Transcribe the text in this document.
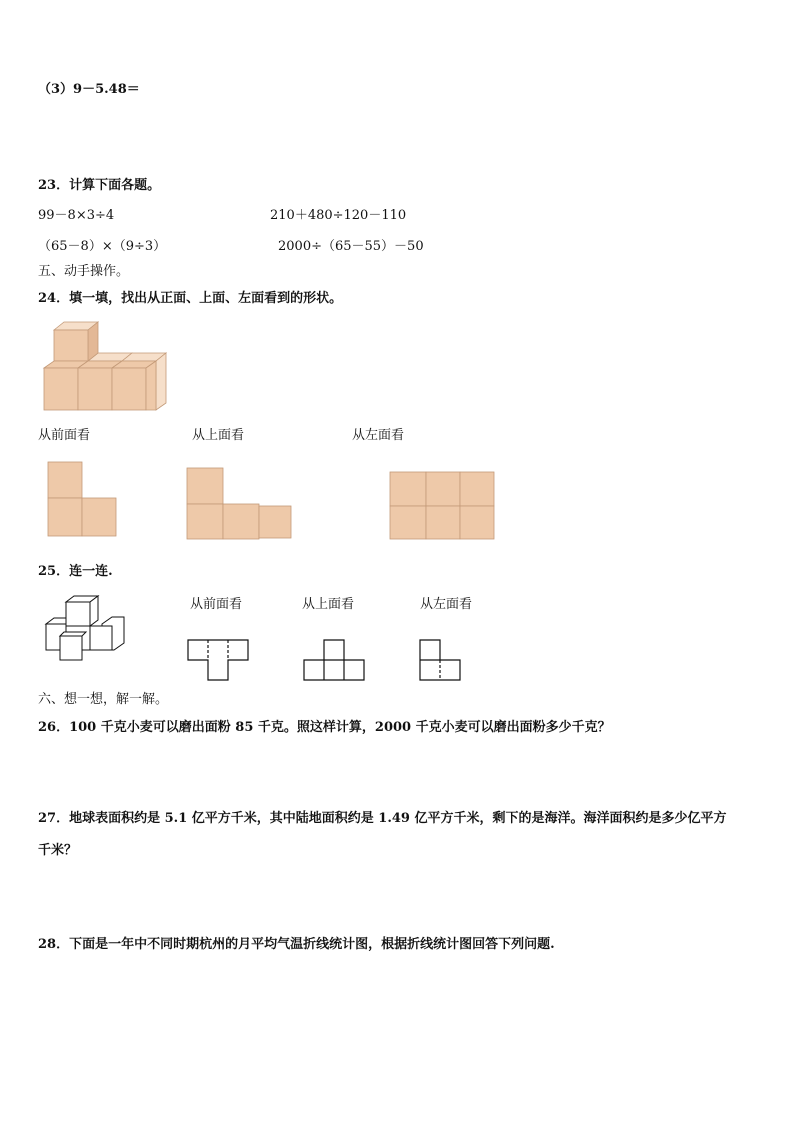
（3）9－5.48＝
23．计算下面各题。
99－8×3÷4	210＋480÷120－110
（65－8）×（9÷3）	2000÷（65－55）－50
五、动手操作。
24．填一填，找出从正面、上面、左面看到的形状。
从前面看	从上面看	从左面看
25．连一连.
从前面看	从上面看	从左面看
六、想一想，解一解。
26．100 千克小麦可以磨出面粉 85 千克。照这样计算，2000 千克小麦可以磨出面粉多少千克？
27．地球表面积约是 5.1 亿平方千米，其中陆地面积约是 1.49 亿平方千米，剩下的是海洋。海洋面积约是多少亿平方
千米？
28．下面是一年中不同时期杭州的月平均气温折线统计图，根据折线统计图回答下列问题.
